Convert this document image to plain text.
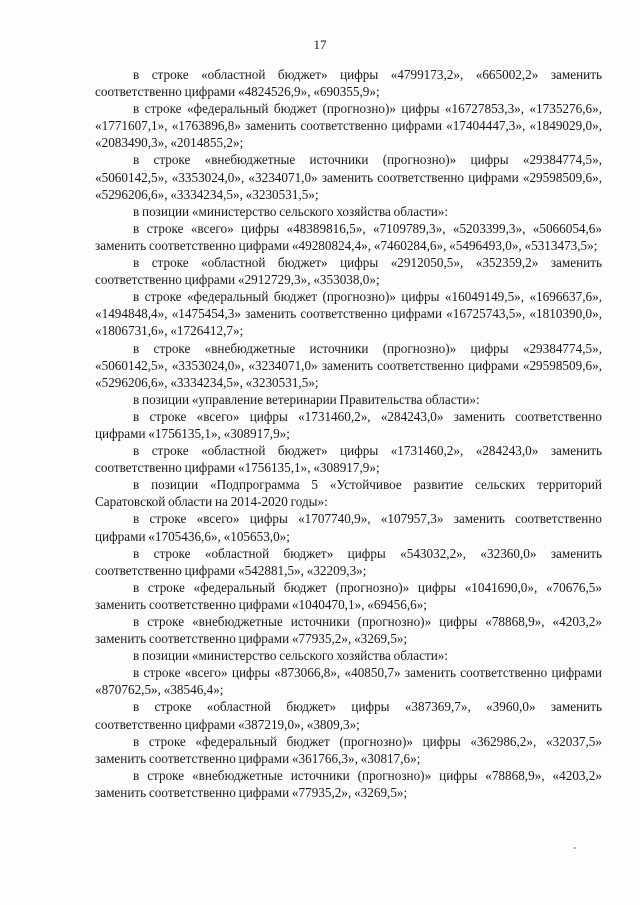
17

в строке «областной бюджет» цифры «4799173,2», «665002,2» заменить соответственно цифрами «4824526,9», «690355,9»;

в строке «федеральный бюджет (прогнозно)» цифры «16727853,3», «1735276,6», «1771607,1», «1763896,8» заменить соответственно цифрами «17404447,3», «1849029,0», «2083490,3», «2014855,2»;

в строке «внебюджетные источники (прогнозно)» цифры «29384774,5», «5060142,5», «3353024,0», «3234071,0» заменить соответственно цифрами «29598509,6», «5296206,6», «3334234,5», «3230531,5»;

в позиции «министерство сельского хозяйства области»:

в строке «всего» цифры «48389816,5», «7109789,3», «5203399,3», «5066054,6» заменить соответственно цифрами «49280824,4», «7460284,6», «5496493,0», «5313473,5»;

в строке «областной бюджет» цифры «2912050,5», «352359,2» заменить соответственно цифрами «2912729,3», «353038,0»;

в строке «федеральный бюджет (прогнозно)» цифры «16049149,5», «1696637,6», «1494848,4», «1475454,3» заменить соответственно цифрами «16725743,5», «1810390,0», «1806731,6», «1726412,7»;

в строке «внебюджетные источники (прогнозно)» цифры «29384774,5», «5060142,5», «3353024,0», «3234071,0» заменить соответственно цифрами «29598509,6», «5296206,6», «3334234,5», «3230531,5»;

в позиции «управление ветеринарии Правительства области»:

в строке «всего» цифры «1731460,2», «284243,0» заменить соответственно цифрами «1756135,1», «308917,9»;

в строке «областной бюджет» цифры «1731460,2», «284243,0» заменить соответственно цифрами «1756135,1», «308917,9»;

в позиции «Подпрограмма 5 «Устойчивое развитие сельских территорий Саратовской области на 2014-2020 годы»:

в строке «всего» цифры «1707740,9», «107957,3» заменить соответственно цифрами «1705436,6», «105653,0»;

в строке «областной бюджет» цифры «543032,2», «32360,0» заменить соответственно цифрами «542881,5», «32209,3»;

в строке «федеральный бюджет (прогнозно)» цифры «1041690,0», «70676,5» заменить соответственно цифрами «1040470,1», «69456,6»;

в строке «внебюджетные источники (прогнозно)» цифры «78868,9», «4203,2» заменить соответственно цифрами «77935,2», «3269,5»;

в позиции «министерство сельского хозяйства области»:

в строке «всего» цифры «873066,8», «40850,7» заменить соответственно цифрами «870762,5», «38546,4»;

в строке «областной бюджет» цифры «387369,7», «3960,0» заменить соответственно цифрами «387219,0», «3809,3»;

в строке «федеральный бюджет (прогнозно)» цифры «362986,2», «32037,5» заменить соответственно цифрами «361766,3», «30817,6»;

в строке «внебюджетные источники (прогнозно)» цифры «78868,9», «4203,2» заменить соответственно цифрами «77935,2», «3269,5»;
